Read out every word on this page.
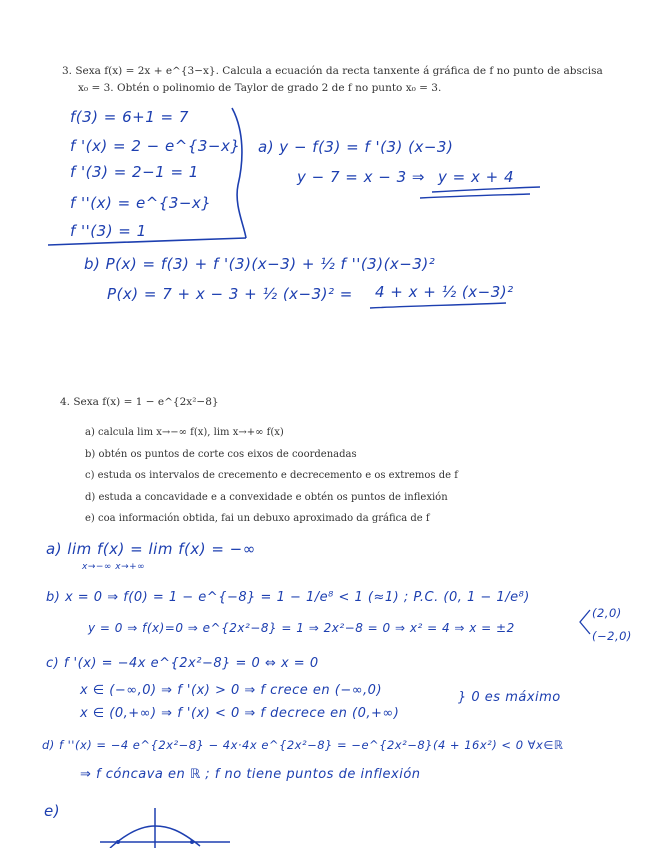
3. Sexa f(x) = 2x + e^{3−x}. Calcula a ecuación da recta tanxente á gráfica de f no punto de abscisa
x₀ = 3. Obtén o polinomio de Taylor de grado 2 de f no punto x₀ = 3.
f(3) = 6+1 = 7
f '(x) = 2 − e^{3−x}
f '(3) = 2−1 = 1
f ''(x) = e^{3−x}
f ''(3) = 1
a) y − f(3) = f '(3) (x−3)
y − 7 = x − 3 ⇒ y = x + 4
b) P(x) = f(3) + f '(3)(x−3) + ½ f ''(3)(x−3)²
P(x) = 7 + x − 3 + ½ (x−3)² = 4 + x + ½ (x−3)²
4. Sexa f(x) = 1 − e^{2x²−8}
a) calcula lim x→−∞ f(x), lim x→+∞ f(x)
b) obtén os puntos de corte cos eixos de coordenadas
c) estuda os intervalos de crecemento e decrecemento e os extremos de f
d) estuda a concavidade e a convexidade e obtén os puntos de inflexión
e) coa información obtida, fai un debuxo aproximado da gráfica de f
a) lim f(x) = lim f(x) = −∞
x→−∞ x→+∞
b) x = 0 ⇒ f(0) = 1 − e^{−8} = 1 − 1/e⁸ < 1 (≈1) ; P.C. (0, 1 − 1/e⁸)
y = 0 ⇒ f(x)=0 ⇒ e^{2x²−8} = 1 ⇒ 2x²−8 = 0 ⇒ x² = 4 ⇒ x = ±2
(2,0)
(−2,0)
c) f '(x) = −4x e^{2x²−8} = 0 ⇔ x = 0
x ∈ (−∞,0) ⇒ f '(x) > 0 ⇒ f crece en (−∞,0)
x ∈ (0,+∞) ⇒ f '(x) < 0 ⇒ f decrece en (0,+∞)
} 0 es máximo
d) f ''(x) = −4 e^{2x²−8} − 4x·4x e^{2x²−8} = −e^{2x²−8}(4 + 16x²) < 0 ∀x∈ℝ
⇒ f cóncava en ℝ ; f no tiene puntos de inflexión
e)
